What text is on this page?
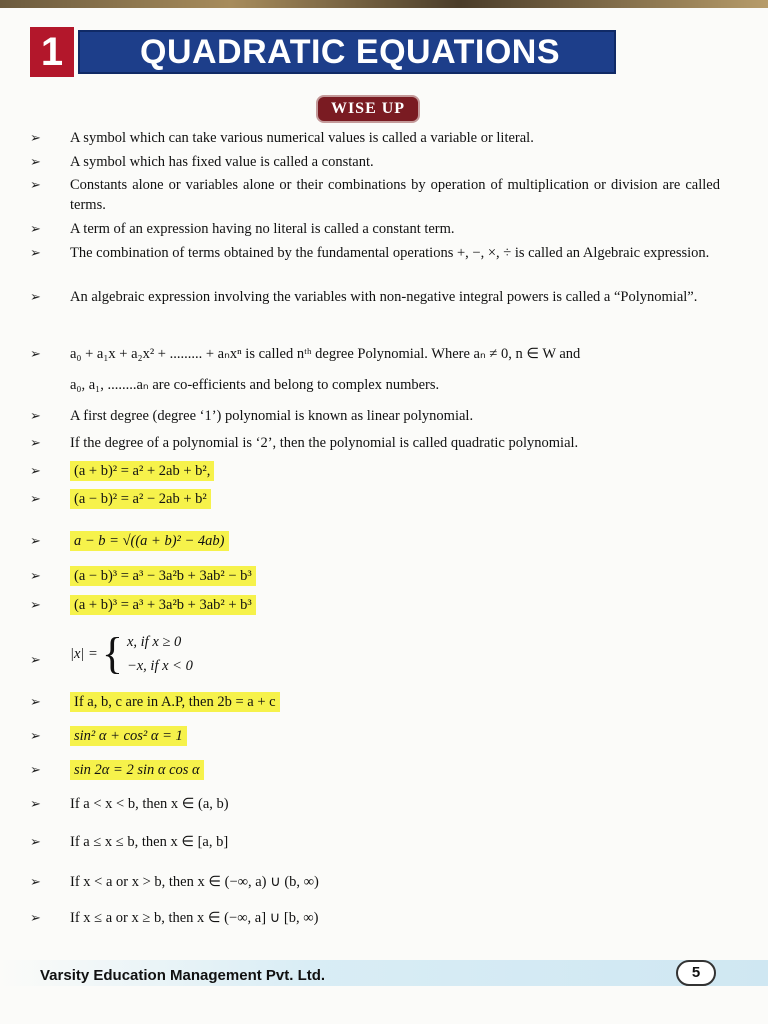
1	QUADRATIC EQUATIONS
WISE UP
➢	A symbol which can take various numerical values is called a variable or literal.
➢	A symbol which has fixed value is called a constant.
➢	Constants alone or variables alone or their combinations by operation of multiplication or division are called terms.
➢	A term of an expression having no literal is called a constant term.
➢	The combination of terms obtained by the fundamental operations +, −, ×, ÷ is called an Algebraic expression.
➢	An algebraic expression involving the variables with non-negative integral powers is called a “Polynomial”.
➢	a₀ + a₁x + a₂x² + ......... + aₙxⁿ is called nᵗʰ degree Polynomial. Where aₙ ≠ 0, n ∈ W and
a₀, a₁, ........aₙ are co-efficients and belong to complex numbers.
➢	A first degree (degree ‘1’) polynomial is known as linear polynomial.
➢	If the degree of a polynomial is ‘2’, then the polynomial is called quadratic polynomial.
➢	(a + b)² = a² + 2ab + b²,
➢	(a − b)² = a² − 2ab + b²
➢	a − b = √((a + b)² − 4ab)
➢	(a − b)³ = a³ − 3a²b + 3ab² − b³
➢	(a + b)³ = a³ + 3a²b + 3ab² + b³
➢	|x| ={ x, if x ≥ 0
−x, if x < 0
➢	If a, b, c are in A.P, then 2b = a + c
➢	sin² α + cos² α = 1
➢	sin 2α = 2 sin α cos α
➢	If a < x < b, then x ∈ (a, b)
➢	If a ≤ x ≤ b, then x ∈ [a, b]
➢	If x < a or x > b, then x ∈ (−∞, a) ∪ (b, ∞)
➢	If x ≤ a or x ≥ b, then x ∈ (−∞, a] ∪ [b, ∞)
Varsity Education Management Pvt. Ltd.	5
